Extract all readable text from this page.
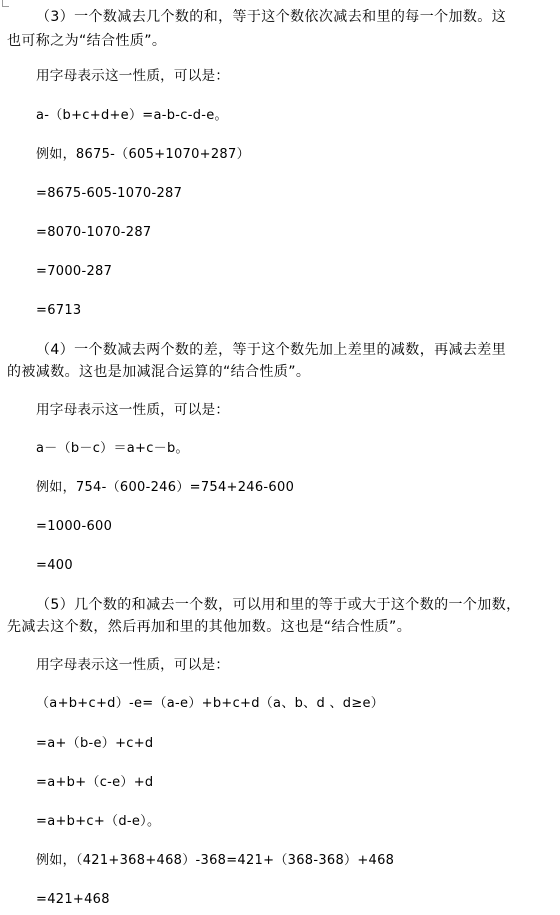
（3）一个数减去几个数的和，等于这个数依次减去和里的每一个加数。这
也可称之为“结合性质”。
用字母表示这一性质，可以是：
a-（b+c+d+e）=a-b-c-d-e。
例如，8675-（605+1070+287）
=8675-605-1070-287
=8070-1070-287
=7000-287
=6713
（4）一个数减去两个数的差，等于这个数先加上差里的减数，再减去差里
的被减数。这也是加减混合运算的“结合性质”。
用字母表示这一性质，可以是：
a－（b－c）＝a+c－b。
例如，754-（600-246）=754+246-600
=1000-600
=400
（5）几个数的和减去一个数，可以用和里的等于或大于这个数的一个加数，
先减去这个数，然后再加和里的其他加数。这也是“结合性质”。
用字母表示这一性质，可以是：
（a+b+c+d）-e=（a-e）+b+c+d（a、b、d 、d≥e）
=a+（b-e）+c+d
=a+b+（c-e）+d
=a+b+c+（d-e）。
例如，（421+368+468）-368=421+（368-368）+468
=421+468
